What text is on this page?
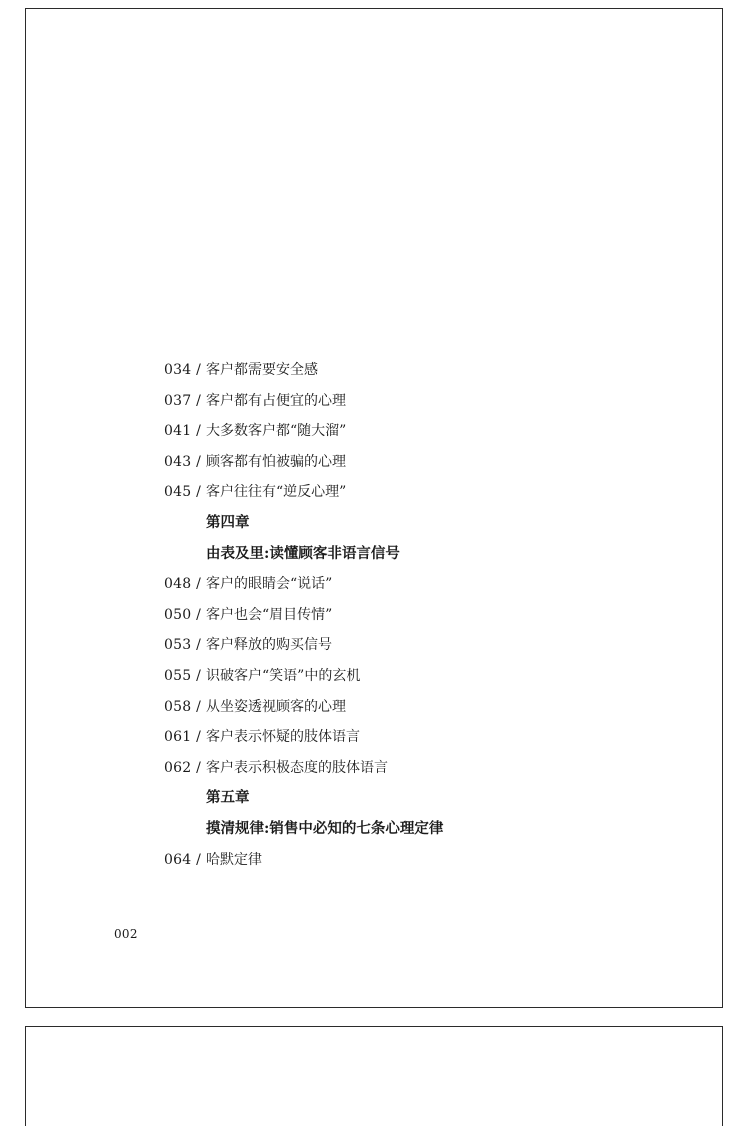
034 / 客户都需要安全感
037 / 客户都有占便宜的心理
041 / 大多数客户都“随大溜”
043 / 顾客都有怕被骗的心理
045 / 客户往往有“逆反心理”
第四章
由表及里:读懂顾客非语言信号
048 / 客户的眼睛会“说话”
050 / 客户也会“眉目传情”
053 / 客户释放的购买信号
055 / 识破客户“笑语”中的玄机
058 / 从坐姿透视顾客的心理
061 / 客户表示怀疑的肢体语言
062 / 客户表示积极态度的肢体语言
第五章
摸清规律:销售中必知的七条心理定律
064 / 哈默定律
002
